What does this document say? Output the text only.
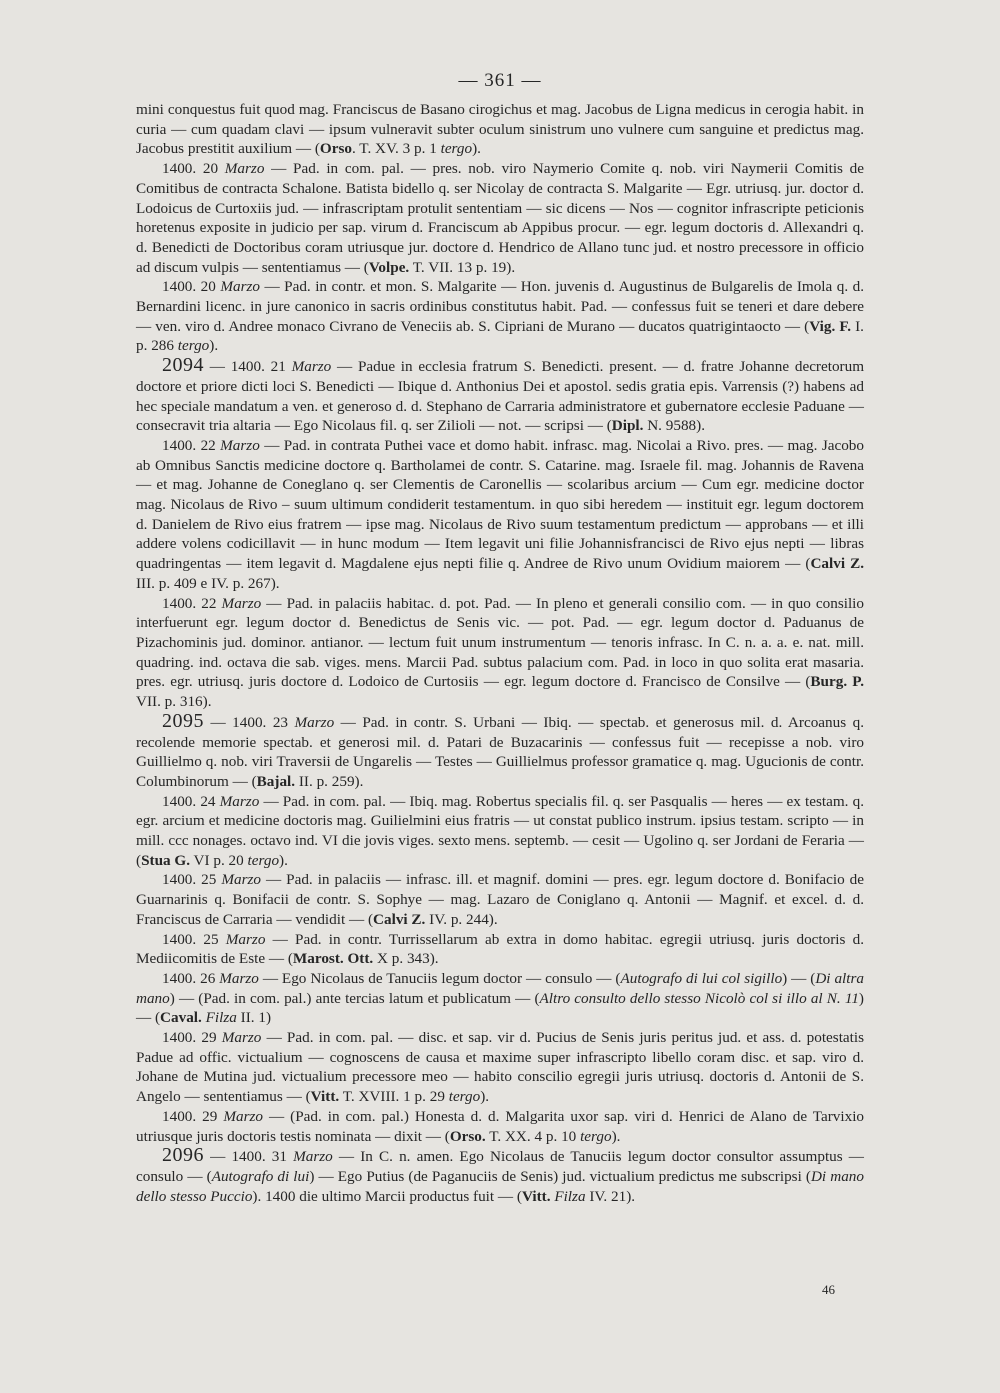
— 361 —

mini conquestus fuit quod mag. Franciscus de Basano cirogichus et mag. Jacobus de Ligna medicus in cerogia habit. in curia — cum quadam clavi — ipsum vulneravit subter oculum sinistrum uno vulnere cum sanguine et predictus mag. Jacobus prestitit auxilium — (Orso. T. XV. 3 p. 1 tergo).

1400. 20 Marzo — Pad. in com. pal. — pres. nob. viro Naymerio Comite q. nob. viri Naymerii Comitis de Comitibus de contracta Schalone. Batista bidello q. ser Nicolay de contracta S. Malgarite — Egr. utriusq. jur. doctor d. Lodoicus de Curtoxiis jud. — infrascriptam protulit sententiam — sic dicens — Nos — cognitor infrascripte peticionis horetenus exposite in judicio per sap. virum d. Franciscum ab Appibus procur. — egr. legum doctoris d. Allexandri q. d. Benedicti de Doctoribus coram utriusque jur. doctore d. Hendrico de Allano tunc jud. et nostro precessore in officio ad discum vulpis — sententiamus — (Volpe. T. VII. 13 p. 19).

1400. 20 Marzo — Pad. in contr. et mon. S. Malgarite — Hon. juvenis d. Augustinus de Bulgarelis de Imola q. d. Bernardini licenc. in jure canonico in sacris ordinibus constitutus habit. Pad. — confessus fuit se teneri et dare debere — ven. viro d. Andree monaco Civrano de Veneciis ab. S. Cipriani de Murano — ducatos quatrigintaocto — (Vig. F. I. p. 286 tergo).

2094 — 1400. 21 Marzo — Padue in ecclesia fratrum S. Benedicti. present. — d. fratre Johanne decretorum doctore et priore dicti loci S. Benedicti — Ibique d. Anthonius Dei et apostol. sedis gratia epis. Varrensis (?) habens ad hec speciale mandatum a ven. et generoso d. d. Stephano de Carraria administratore et gubernatore ecclesie Paduane — consecravit tria altaria — Ego Nicolaus fil. q. ser Zilioli — not. — scripsi — (Dipl. N. 9588).

1400. 22 Marzo — Pad. in contrata Puthei vace et domo habit. infrasc. mag. Nicolai a Rivo. pres. — mag. Jacobo ab Omnibus Sanctis medicine doctore q. Bartholamei de contr. S. Catarine. mag. Israele fil. mag. Johannis de Ravena — et mag. Johanne de Coneglano q. ser Clementis de Caronellis — scolaribus arcium — Cum egr. medicine doctor mag. Nicolaus de Rivo – suum ultimum condiderit testamentum. in quo sibi heredem — instituit egr. legum doctorem d. Danielem de Rivo eius fratrem — ipse mag. Nicolaus de Rivo suum testamentum predictum — approbans — et illi addere volens codicillavit — in hunc modum — Item legavit uni filie Johannisfrancisci de Rivo ejus nepti — libras quadringentas — item legavit d. Magdalene ejus nepti filie q. Andree de Rivo unum Ovidium maiorem — (Calvi Z. III. p. 409 e IV. p. 267).

1400. 22 Marzo — Pad. in palaciis habitac. d. pot. Pad. — In pleno et generali consilio com. — in quo consilio interfuerunt egr. legum doctor d. Benedictus de Senis vic. — pot. Pad. — egr. legum doctor d. Paduanus de Pizachominis jud. dominor. antianor. — lectum fuit unum instrumentum — tenoris infrasc. In C. n. a. a. e. nat. mill. quadring. ind. octava die sab. viges. mens. Marcii Pad. subtus palacium com. Pad. in loco in quo solita erat masaria. pres. egr. utriusq. juris doctore d. Lodoico de Curtosiis — egr. legum doctore d. Francisco de Consilve — (Burg. P. VII. p. 316).

2095 — 1400. 23 Marzo — Pad. in contr. S. Urbani — Ibiq. — spectab. et generosus mil. d. Arcoanus q. recolende memorie spectab. et generosi mil. d. Patari de Buzacarinis — confessus fuit — recepisse a nob. viro Guillielmo q. nob. viri Traversii de Ungarelis — Testes — Guillielmus professor gramatice q. mag. Ugucionis de contr. Columbinorum — (Bajal. II. p. 259).

1400. 24 Marzo — Pad. in com. pal. — Ibiq. mag. Robertus specialis fil. q. ser Pasqualis — heres — ex testam. q. egr. arcium et medicine doctoris mag. Guilielmini eius fratris — ut constat publico instrum. ipsius testam. scripto — in mill. ccc nonages. octavo ind. VI die jovis viges. sexto mens. septemb. — cesit — Ugolino q. ser Jordani de Feraria — (Stua G. VI p. 20 tergo).

1400. 25 Marzo — Pad. in palaciis — infrasc. ill. et magnif. domini — pres. egr. legum doctore d. Bonifacio de Guarnarinis q. Bonifacii de contr. S. Sophye — mag. Lazaro de Coniglano q. Antonii — Magnif. et excel. d. d. Franciscus de Carraria — vendidit — (Calvi Z. IV. p. 244).

1400. 25 Marzo — Pad. in contr. Turrissellarum ab extra in domo habitac. egregii utriusq. juris doctoris d. Mediicomitis de Este — (Marost. Ott. X p. 343).

1400. 26 Marzo — Ego Nicolaus de Tanuciis legum doctor — consulo — (Autografo di lui col sigillo) — (Di altra mano) — (Pad. in com. pal.) ante tercias latum et publicatum — (Altro consulto dello stesso Nicolò col si illo al N. 11) — (Caval. Filza II. 1)

1400. 29 Marzo — Pad. in com. pal. — disc. et sap. vir d. Pucius de Senis juris peritus jud. et ass. d. potestatis Padue ad offic. victualium — cognoscens de causa et maxime super infrascripto libello coram disc. et sap. viro d. Johane de Mutina jud. victualium precessore meo — habito conscilio egregii juris utriusq. doctoris d. Antonii de S. Angelo — sententiamus — (Vitt. T. XVIII. 1 p. 29 tergo).

1400. 29 Marzo — (Pad. in com. pal.) Honesta d. d. Malgarita uxor sap. viri d. Henrici de Alano de Tarvixio utriusque juris doctoris testis nominata — dixit — (Orso. T. XX. 4 p. 10 tergo).

2096 — 1400. 31 Marzo — In C. n. amen. Ego Nicolaus de Tanuciis legum doctor consultor assumptus — consulo — (Autografo di lui) — Ego Putius (de Paganuciis de Senis) jud. victualium predictus me subscripsi (Di mano dello stesso Puccio). 1400 die ultimo Marcii productus fuit — (Vitt. Filza IV. 21).

46
